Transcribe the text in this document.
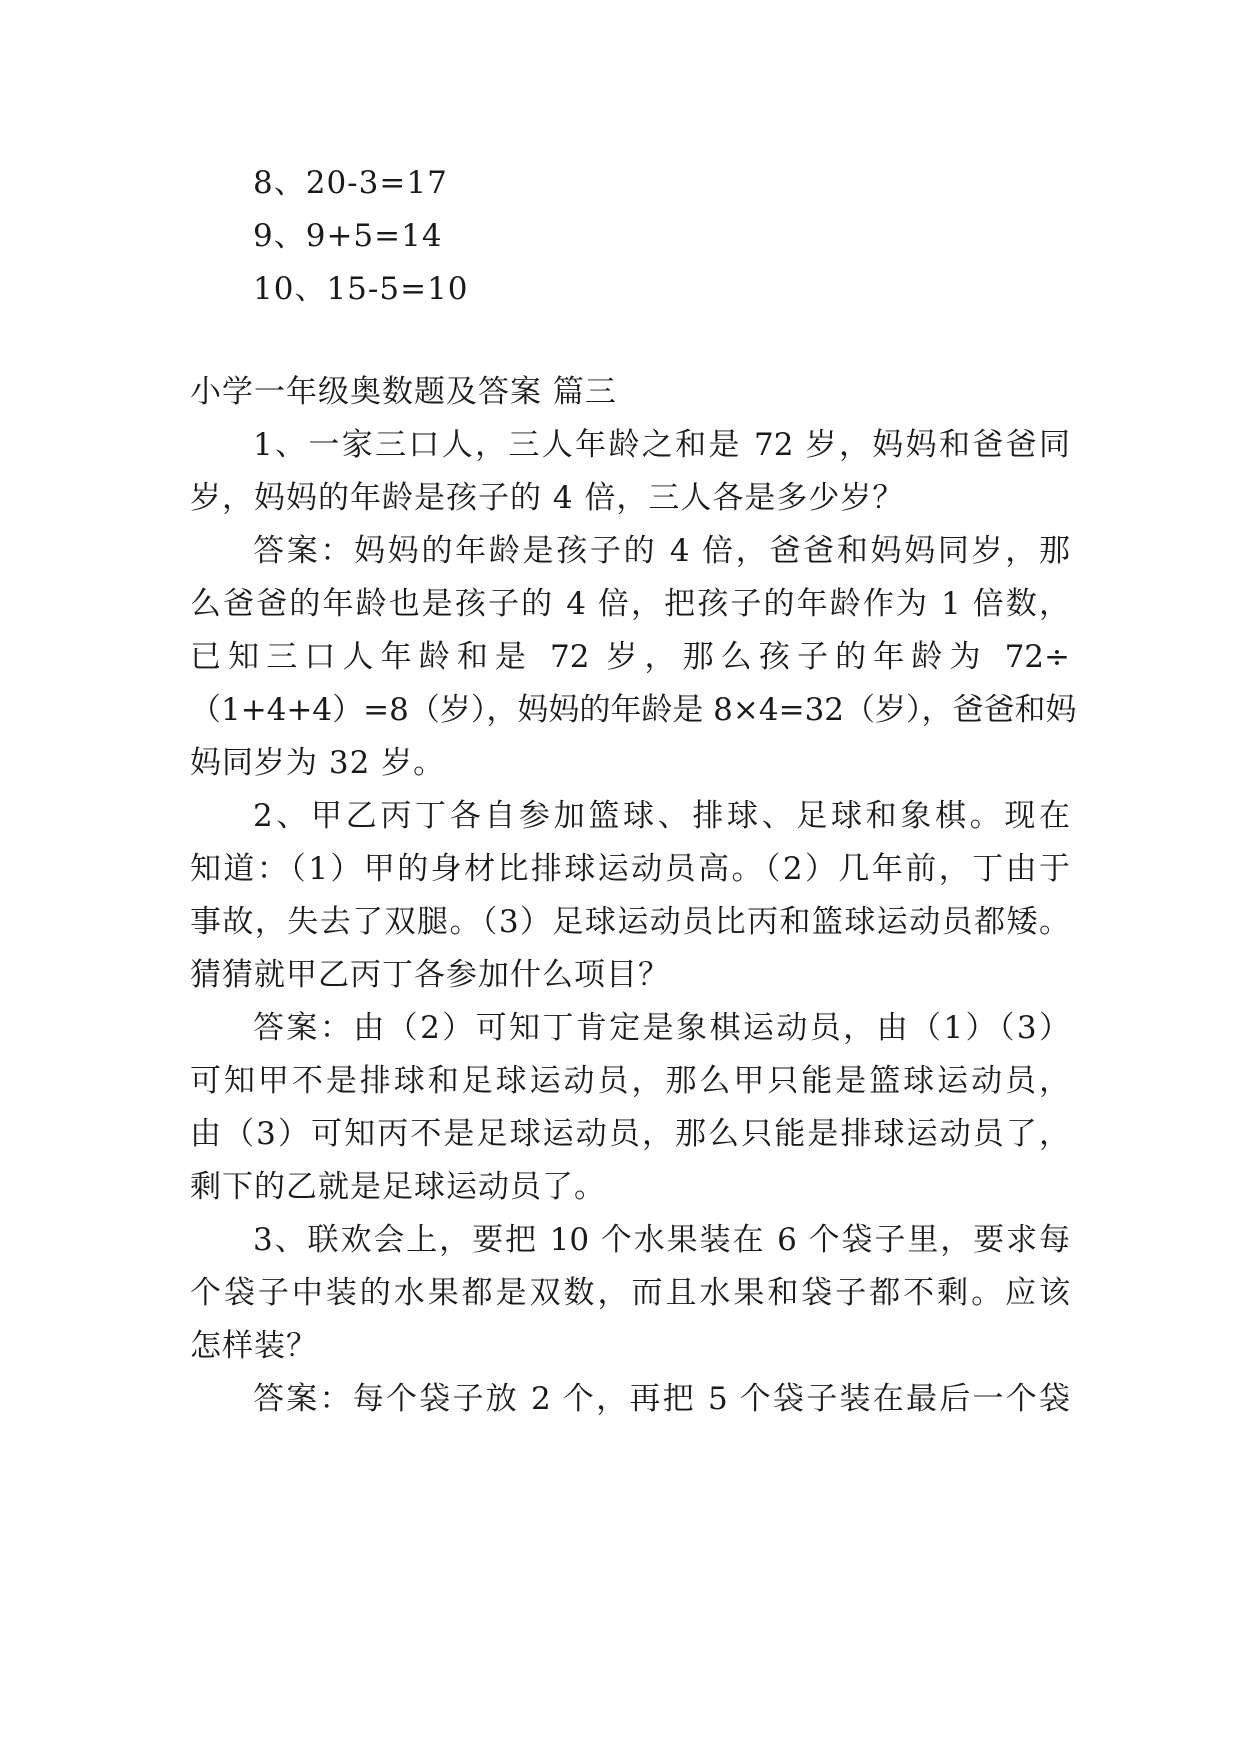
8、20-3=17
9、9+5=14
10、15-5=10
小学一年级奥数题及答案 篇三
1、一家三口人，三人年龄之和是 72 岁，妈妈和爸爸同
岁，妈妈的年龄是孩子的 4 倍，三人各是多少岁？
答案：妈妈的年龄是孩子的 4 倍，爸爸和妈妈同岁，那
么爸爸的年龄也是孩子的 4 倍，把孩子的年龄作为 1 倍数，
已知三口人年龄和是 72 岁，那么孩子的年龄为 72÷
（1+4+4）=8（岁），妈妈的年龄是 8×4=32（岁），爸爸和妈
妈同岁为 32 岁。
2、甲乙丙丁各自参加篮球、排球、足球和象棋。现在
知道：（1）甲的身材比排球运动员高。（2）几年前，丁由于
事故，失去了双腿。（3）足球运动员比丙和篮球运动员都矮。
猜猜就甲乙丙丁各参加什么项目？
答案：由（2）可知丁肯定是象棋运动员，由（1）（3）
可知甲不是排球和足球运动员，那么甲只能是篮球运动员，
由（3）可知丙不是足球运动员，那么只能是排球运动员了，
剩下的乙就是足球运动员了。
3、联欢会上，要把 10 个水果装在 6 个袋子里，要求每
个袋子中装的水果都是双数，而且水果和袋子都不剩。应该
怎样装？
答案：每个袋子放 2 个，再把 5 个袋子装在最后一个袋
